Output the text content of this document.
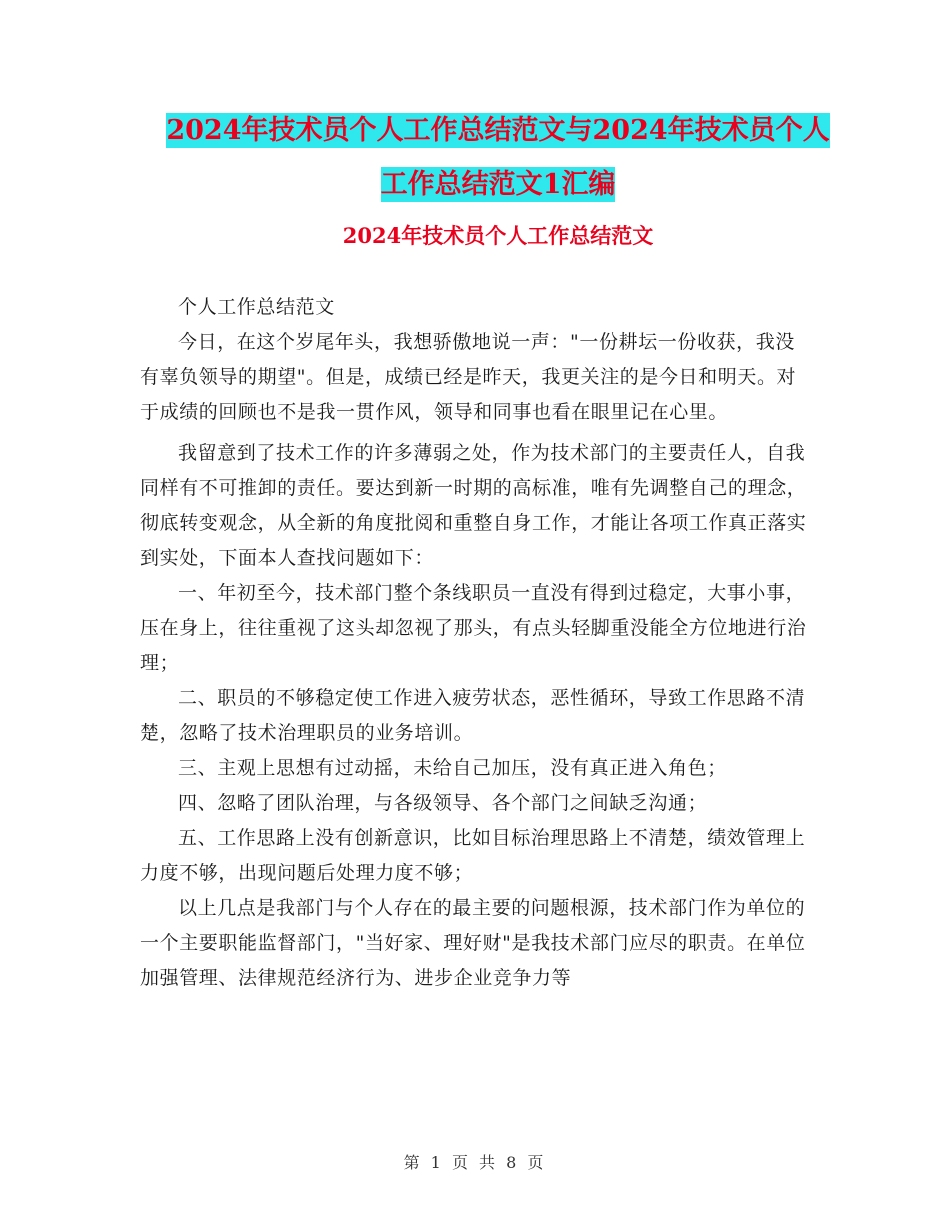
2024年技术员个人工作总结范文与2024年技术员个人
工作总结范文1汇编
2024年技术员个人工作总结范文

个人工作总结范文

今日，在这个岁尾年头，我想骄傲地说一声："一份耕坛一份收获，我没有辜负领导的期望"。但是，成绩已经是昨天，我更关注的是今日和明天。对于成绩的回顾也不是我一贯作风，领导和同事也看在眼里记在心里。

我留意到了技术工作的许多薄弱之处，作为技术部门的主要责任人，自我同样有不可推卸的责任。要达到新一时期的高标准，唯有先调整自己的理念，彻底转变观念，从全新的角度批阅和重整自身工作，才能让各项工作真正落实到实处，下面本人查找问题如下：

一、年初至今，技术部门整个条线职员一直没有得到过稳定，大事小事，压在身上，往往重视了这头却忽视了那头，有点头轻脚重没能全方位地进行治理；

二、职员的不够稳定使工作进入疲劳状态，恶性循环，导致工作思路不清楚，忽略了技术治理职员的业务培训。

三、主观上思想有过动摇，未给自己加压，没有真正进入角色；

四、忽略了团队治理，与各级领导、各个部门之间缺乏沟通；

五、工作思路上没有创新意识，比如目标治理思路上不清楚，绩效管理上力度不够，出现问题后处理力度不够；

以上几点是我部门与个人存在的最主要的问题根源，技术部门作为单位的一个主要职能监督部门，"当好家、理好财"是我技术部门应尽的职责。在单位加强管理、法律规范经济行为、进步企业竞争力等

第 1 页 共 8 页
